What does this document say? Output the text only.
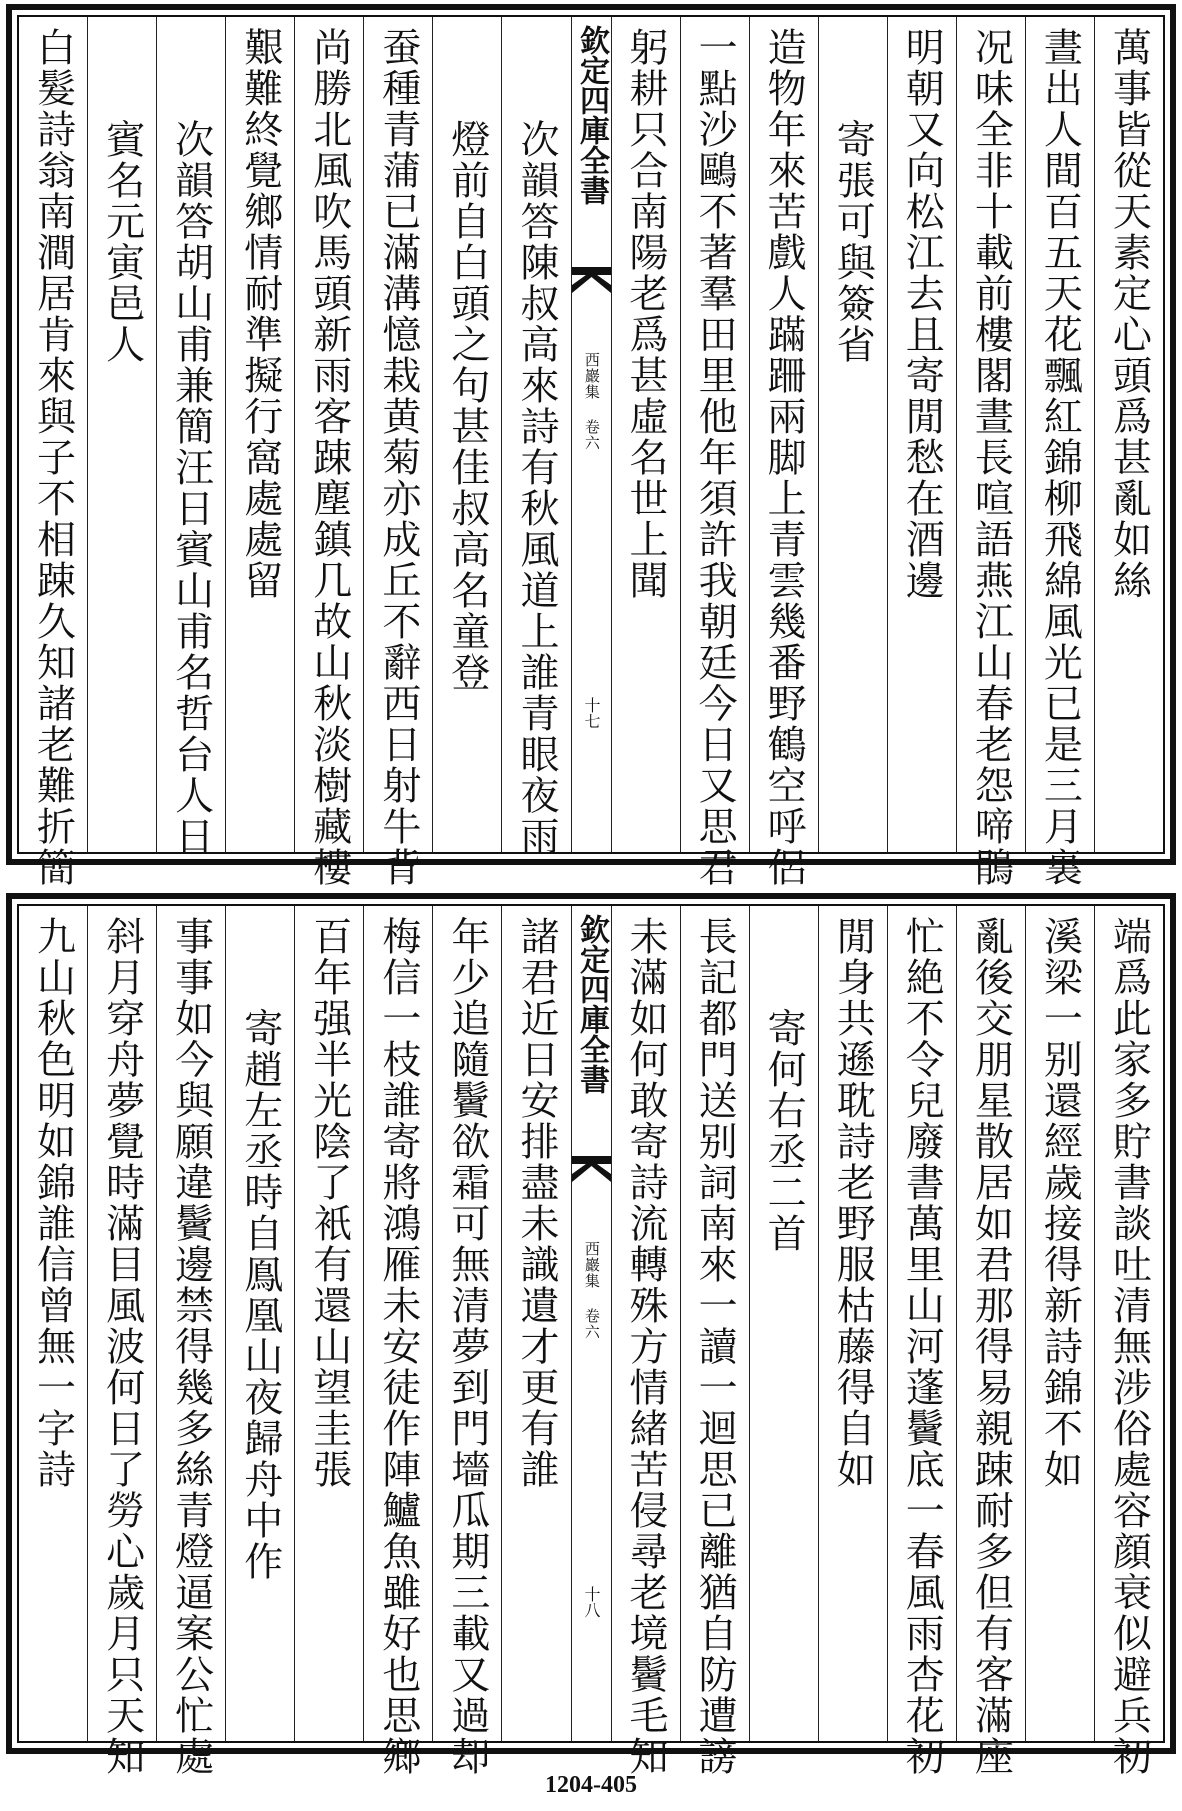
萬事皆從天素定心頭爲甚亂如絲
晝出人間百五天花飄紅錦柳飛綿風光已是三月裏
况味全非十載前樓閣晝長喧語燕江山春老怨啼鵑
明朝又向松江去且寄閒愁在酒邊
寄張可與簽省
造物年來苦戲人蹣跚兩脚上青雲幾番野鶴空呼侶
一點沙鷗不著羣田里他年須許我朝廷今日又思君
躬耕只合南陽老爲甚虛名世上聞
欽定四庫全書
西巖集 卷六
十七
次韻答陳叔高來詩有秋風道上誰青眼夜雨
燈前自白頭之句甚佳叔高名童登
蚕種青蒲已滿溝憶栽黄菊亦成丘不辭西日射牛背
尚勝北風吹馬頭新雨客踈塵鎮几故山秋淡樹藏樓
艱難終覺鄉情耐準擬行窩處處留
次韻答胡山甫兼簡汪日賓山甫名哲台人日
賓名元寅邑人
白髮詩翁南澗居肯來與子不相踈久知諸老難折簡
端爲此家多貯書談吐清無涉俗處容顔衰似避兵初
溪梁一别還經歲接得新詩錦不如
亂後交朋星散居如君那得易親踈耐多但有客滿座
忙絶不令兒廢書萬里山河蓬鬢底一春風雨杏花初
閒身共遜耽詩老野服枯藤得自如
寄何右丞二首
長記都門送别詞南來一讀一迴思已離猶自防遭謗
未滿如何敢寄詩流轉殊方情緒苦侵尋老境鬢毛知
欽定四庫全書
西巖集 卷六
十八
諸君近日安排盡未識遺才更有誰
年少追隨鬢欲霜可無清夢到門墻瓜期三載又過却
梅信一枝誰寄將鴻雁未安徒作陣鱸魚雖好也思鄉
百年强半光陰了衹有還山望圭張
寄趙左丞時自鳯凰山夜歸舟中作
事事如今與願違鬢邊禁得幾多絲青燈逼案公忙處
斜月穿舟夢覺時滿目風波何日了勞心歲月只天知
九山秋色明如錦誰信曾無一字詩
1204-405
